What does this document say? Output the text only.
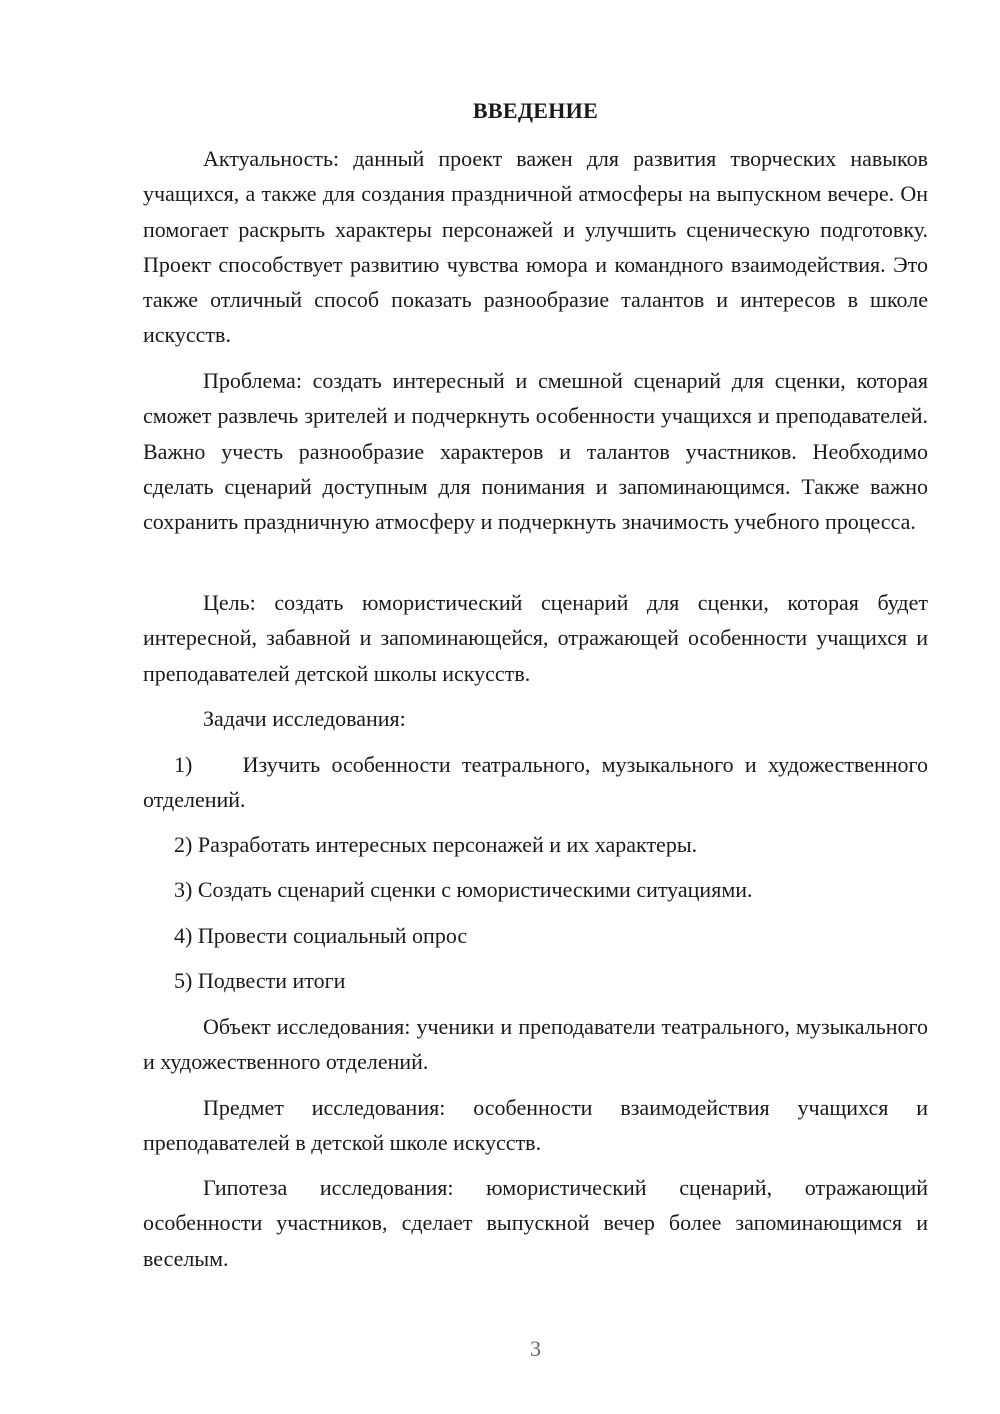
ВВЕДЕНИЕ

Актуальность: данный проект важен для развития творческих навыков учащихся, а также для создания праздничной атмосферы на выпускном вечере. Он помогает раскрыть характеры персонажей и улучшить сценическую подготовку. Проект способствует развитию чувства юмора и командного взаимодействия. Это также отличный способ показать разнообразие талантов и интересов в школе искусств.

Проблема: создать интересный и смешной сценарий для сценки, которая сможет развлечь зрителей и подчеркнуть особенности учащихся и преподавателей. Важно учесть разнообразие характеров и талантов участников. Необходимо сделать сценарий доступным для понимания и запоминающимся. Также важно сохранить праздничную атмосферу и подчеркнуть значимость учебного процесса.

Цель: создать юмористический сценарий для сценки, которая будет интересной, забавной и запоминающейся, отражающей особенности учащихся и преподавателей детской школы искусств.

Задачи исследования:

1) Изучить особенности театрального, музыкального и художественного отделений.

2) Разработать интересных персонажей и их характеры.

3) Создать сценарий сценки с юмористическими ситуациями.

4) Провести социальный опрос

5) Подвести итоги

Объект исследования: ученики и преподаватели театрального, музыкального и художественного отделений.

Предмет исследования: особенности взаимодействия учащихся и преподавателей в детской школе искусств.

Гипотеза исследования: юмористический сценарий, отражающий особенности участников, сделает выпускной вечер более запоминающимся и веселым.

3
